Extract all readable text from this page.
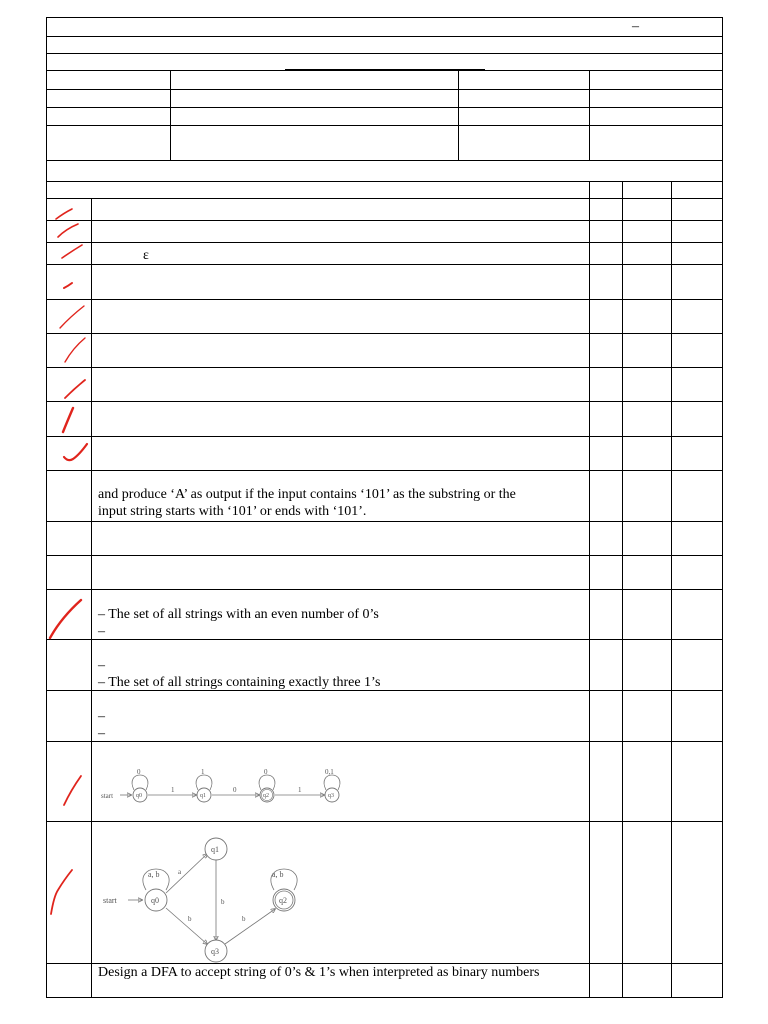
–
ε
and produce ‘A’ as output if the input contains ‘101’ as the substring or the
input string starts with ‘101’ or ends with ‘101’.
– The set of all strings with an even number of 0’s
–
–
– The set of all strings containing exactly three 1’s
–
–
Design a DFA to accept string of 0’s & 1’s when interpreted as binary numbers
start
0	1	0	0,1
1	0	1
q0	q1	q2	q3
start
a, b	a, b
a
b
b	b
q0
q1
q2
q3
